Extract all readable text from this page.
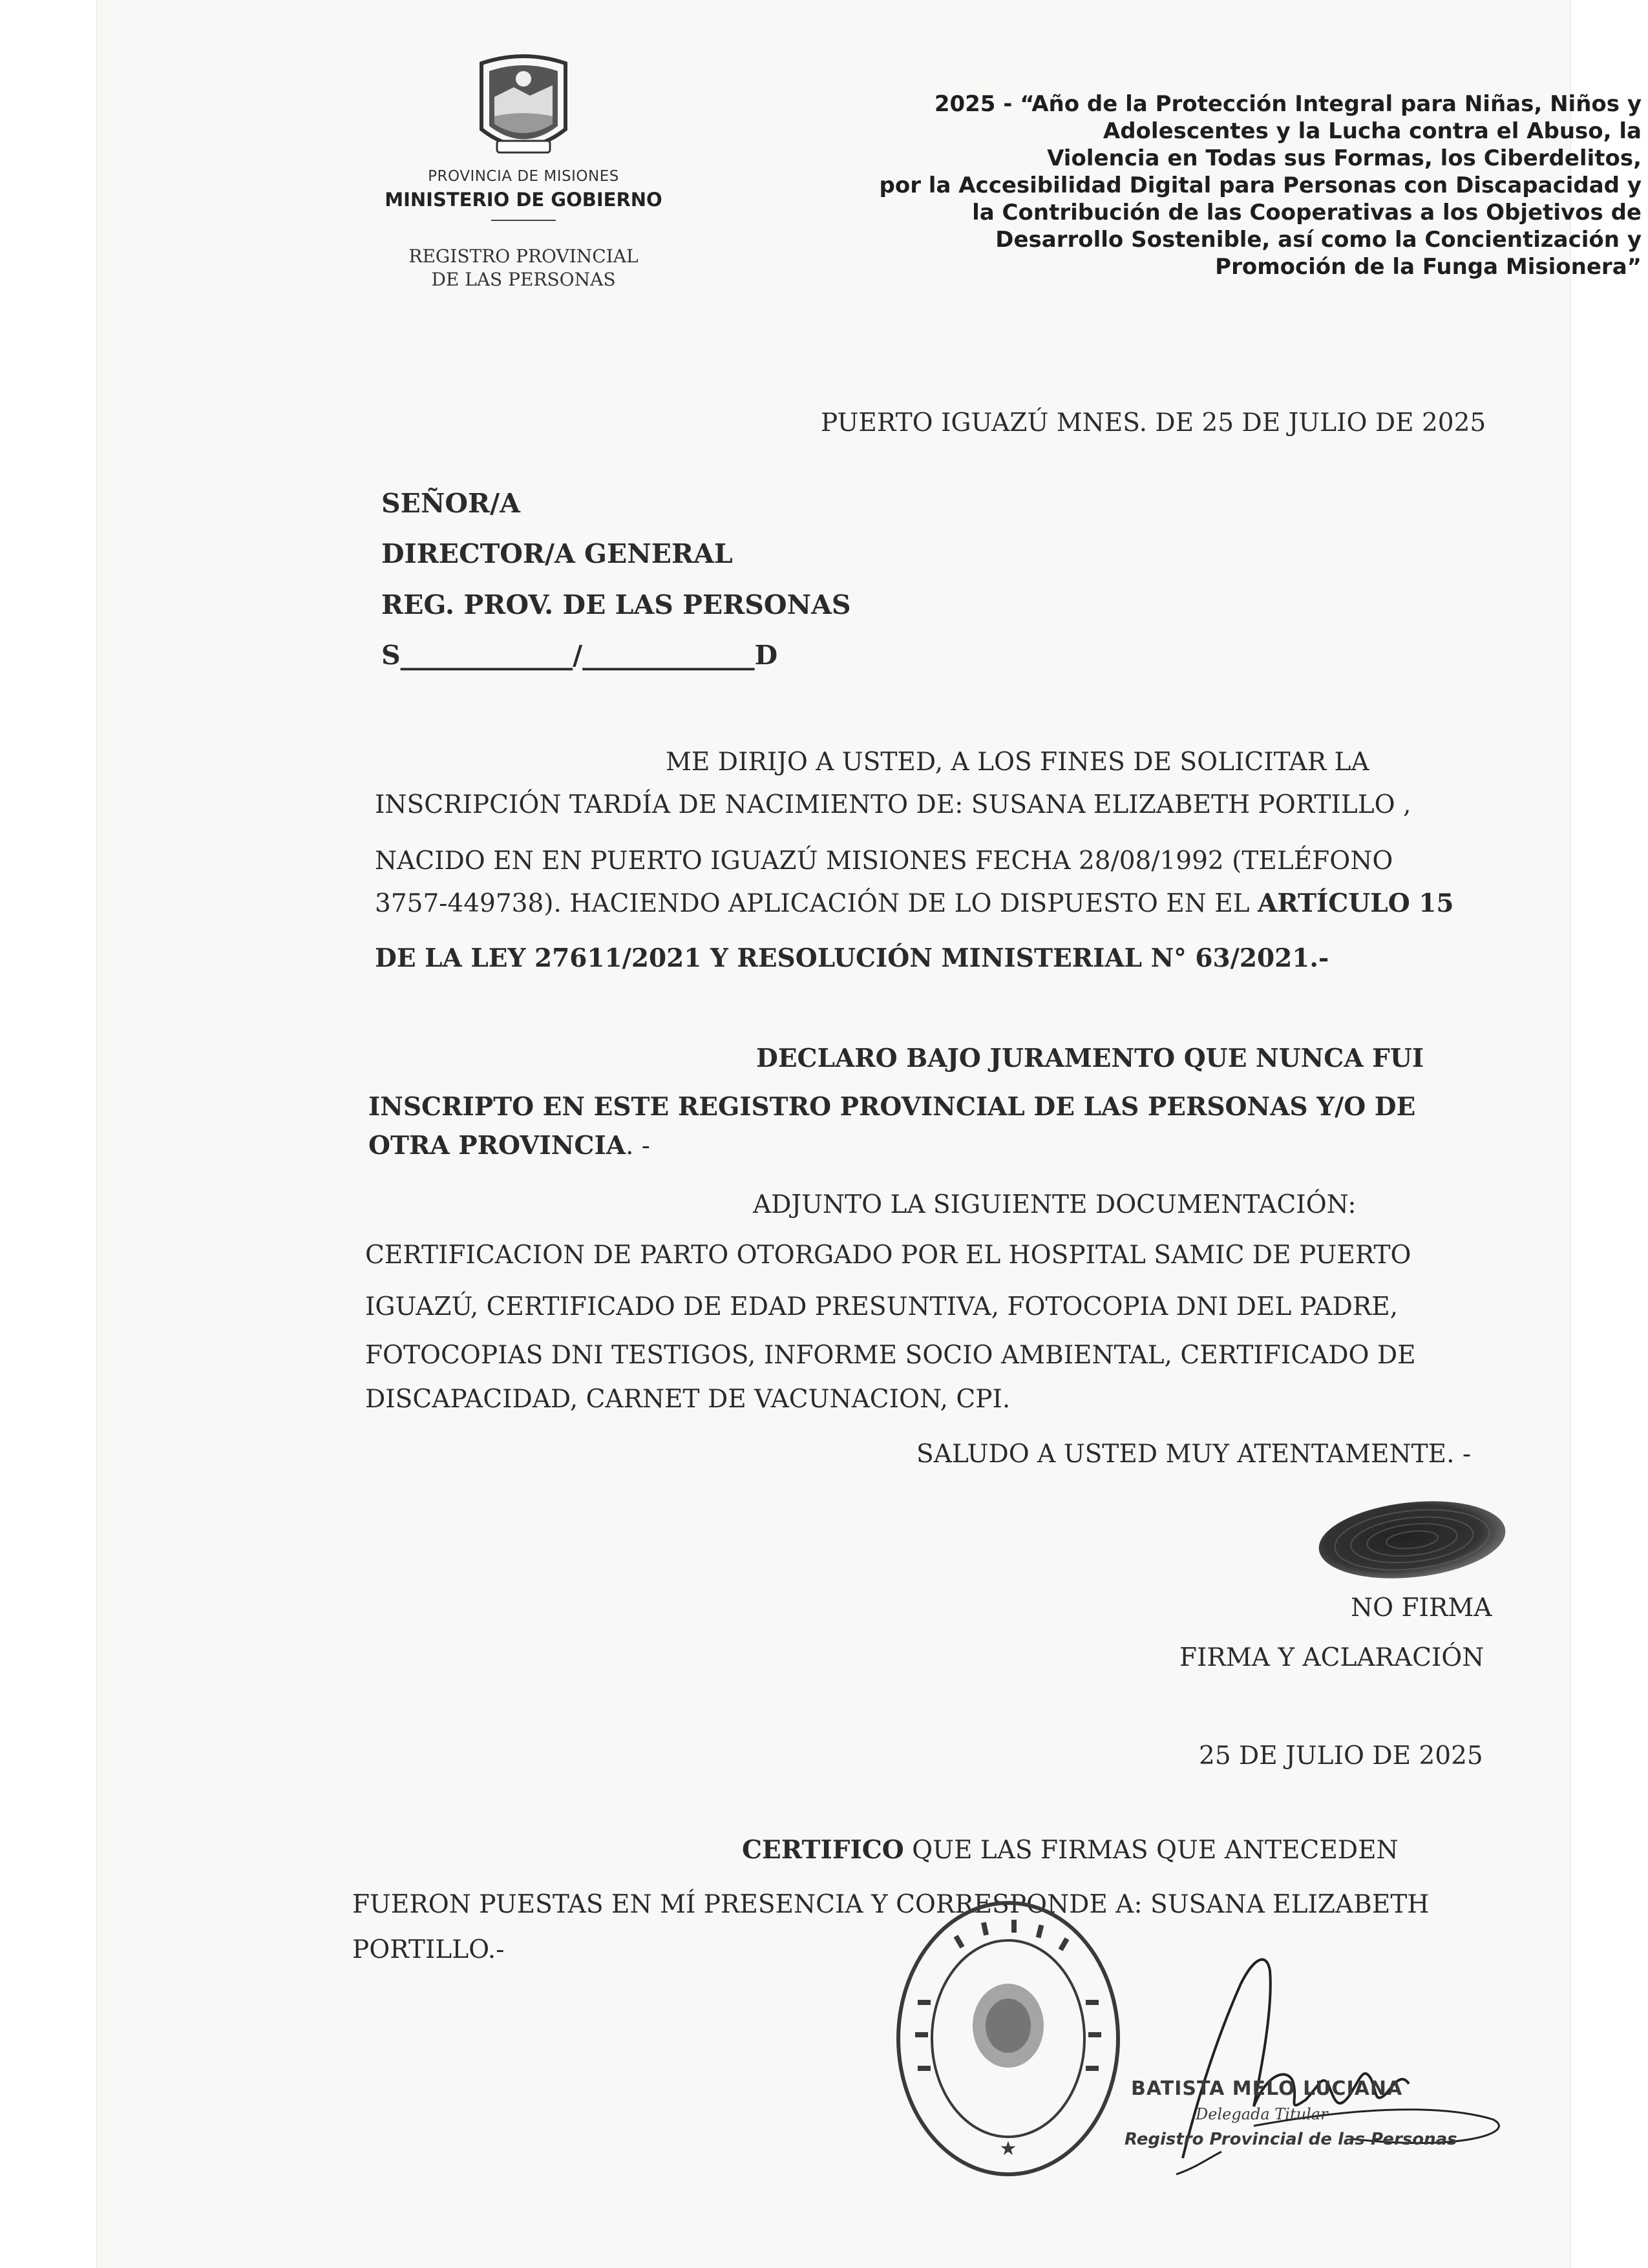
PROVINCIA DE MISIONES
MINISTERIO DE GOBIERNO
REGISTRO PROVINCIAL
DE LAS PERSONAS
2025 - “Año de la Protección Integral para Niñas, Niños y
Adolescentes y la Lucha contra el Abuso, la
Violencia en Todas sus Formas, los Ciberdelitos,
por la Accesibilidad Digital para Personas con Discapacidad y
la Contribución de las Cooperativas a los Objetivos de
Desarrollo Sostenible, así como la Concientización y
Promoción de la Funga Misionera”
PUERTO IGUAZÚ MNES. DE 25 DE JULIO DE 2025
SEÑOR/A
DIRECTOR/A GENERAL
REG. PROV. DE LAS PERSONAS
S_____________/_____________D
ME DIRIJO A USTED, A LOS FINES DE SOLICITAR LA
INSCRIPCIÓN TARDÍA DE NACIMIENTO DE: SUSANA ELIZABETH PORTILLO ,
NACIDO EN EN PUERTO IGUAZÚ MISIONES FECHA 28/08/1992 (TELÉFONO
3757-449738). HACIENDO APLICACIÓN DE LO DISPUESTO EN EL ARTÍCULO 15
DE LA LEY 27611/2021 Y RESOLUCIÓN MINISTERIAL N° 63/2021.-
DECLARO BAJO JURAMENTO QUE NUNCA FUI
INSCRIPTO EN ESTE REGISTRO PROVINCIAL DE LAS PERSONAS Y/O DE
OTRA PROVINCIA. -
ADJUNTO LA SIGUIENTE DOCUMENTACIÓN:
CERTIFICACION DE PARTO OTORGADO POR EL HOSPITAL SAMIC DE PUERTO
IGUAZÚ, CERTIFICADO DE EDAD PRESUNTIVA, FOTOCOPIA DNI DEL PADRE,
FOTOCOPIAS DNI TESTIGOS, INFORME SOCIO AMBIENTAL, CERTIFICADO DE
DISCAPACIDAD, CARNET DE VACUNACION, CPI.
SALUDO A USTED MUY ATENTAMENTE. -
NO FIRMA
FIRMA Y ACLARACIÓN
25 DE JULIO DE 2025
CERTIFICO QUE LAS FIRMAS QUE ANTECEDEN
FUERON PUESTAS EN MÍ PRESENCIA Y CORRESPONDE A: SUSANA ELIZABETH
PORTILLO.-
★
BATISTA MELO LUCIANA
Delegada Titular
Registro Provincial de las Personas
